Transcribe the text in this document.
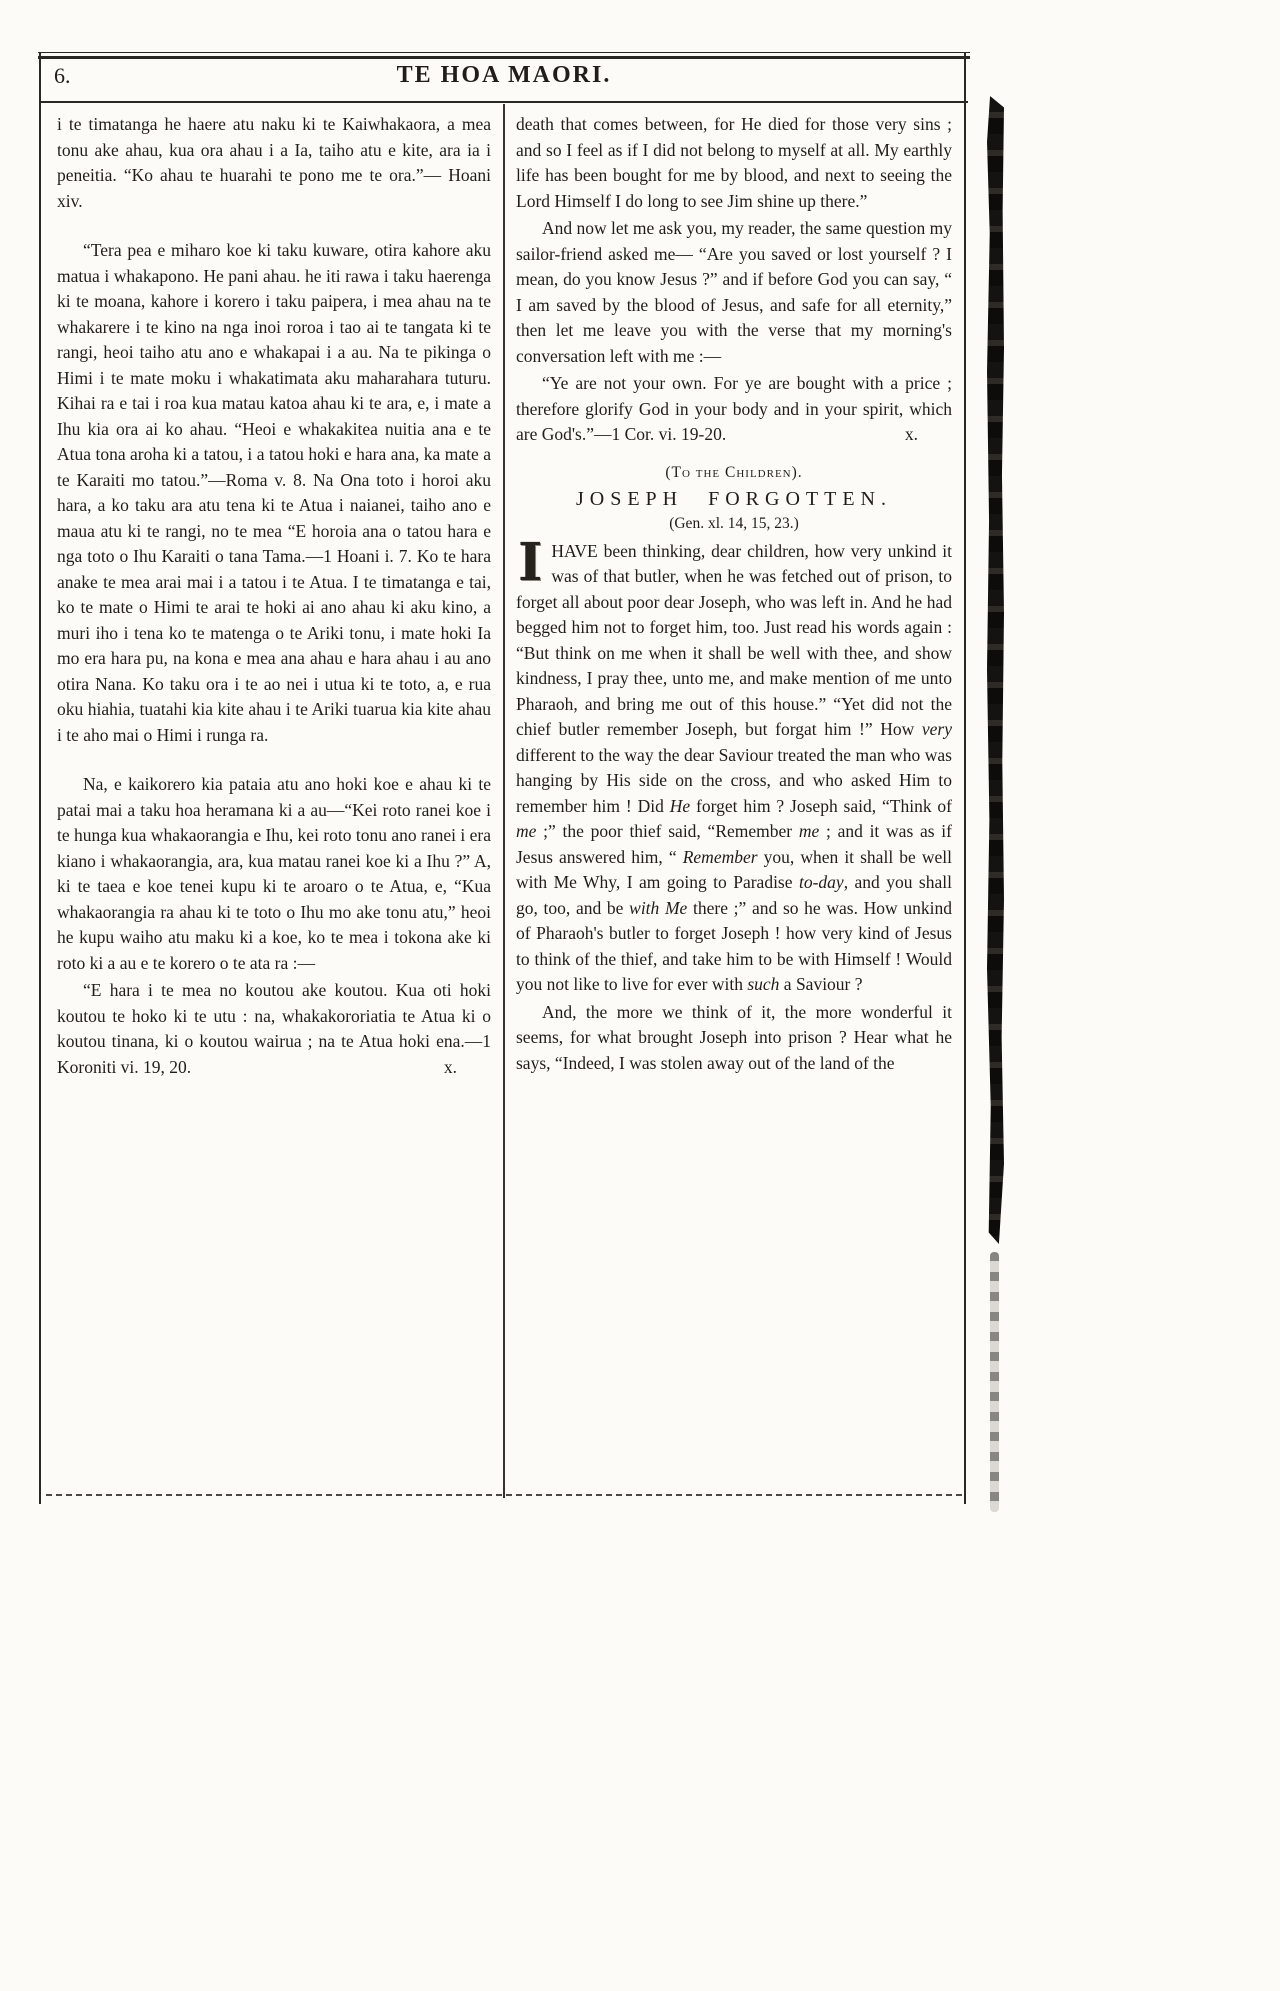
6.	TE HOA MAORI.

i te timatanga he haere atu naku ki te Kaiwhakaora, a mea tonu ake ahau, kua ora ahau i a Ia, taiho atu e kite, ara ia i peneitia. “Ko ahau te huarahi te pono me te ora.”— Hoani xiv.

“Tera pea e miharo koe ki taku kuware, otira kahore aku matua i whakapono. He pani ahau. he iti rawa i taku haerenga ki te moana, kahore i korero i taku paipera, i mea ahau na te whakarere i te kino na nga inoi roroa i tao ai te tangata ki te rangi, heoi taiho atu ano e whakapai i a au. Na te pikinga o Himi i te mate moku i whakatimata aku maharahara tuturu. Kihai ra e tai i roa kua matau katoa ahau ki te ara, e, i mate a Ihu kia ora ai ko ahau. “Heoi e whakakitea nuitia ana e te Atua tona aroha ki a tatou, i a tatou hoki e hara ana, ka mate a te Karaiti mo tatou.”—Roma v. 8. Na Ona toto i horoi aku hara, a ko taku ara atu tena ki te Atua i naianei, taiho ano e maua atu ki te rangi, no te mea “E horoia ana o tatou hara e nga toto o Ihu Karaiti o tana Tama.—1 Hoani i. 7. Ko te hara anake te mea arai mai i a tatou i te Atua. I te timatanga e tai, ko te mate o Himi te arai te hoki ai ano ahau ki aku kino, a muri iho i tena ko te matenga o te Ariki tonu, i mate hoki Ia mo era hara pu, na kona e mea ana ahau e hara ahau i au ano otira Nana. Ko taku ora i te ao nei i utua ki te toto, a, e rua oku hiahia, tuatahi kia kite ahau i te Ariki tuarua kia kite ahau i te aho mai o Himi i runga ra.

Na, e kaikorero kia pataia atu ano hoki koe e ahau ki te patai mai a taku hoa heramana ki a au—“Kei roto ranei koe i te hunga kua whakaorangia e Ihu, kei roto tonu ano ranei i era kiano i whakaorangia, ara, kua matau ranei koe ki a Ihu ?” A, ki te taea e koe tenei kupu ki te aroaro o te Atua, e, “Kua whakaorangia ra ahau ki te toto o Ihu mo ake tonu atu,” heoi he kupu waiho atu maku ki a koe, ko te mea i tokona ake ki roto ki a au e te korero o te ata ra :—

“E hara i te mea no koutou ake koutou. Kua oti hoki koutou te hoko ki te utu : na, whakakororiatia te Atua ki o koutou tinana, ki o koutou wairua ; na te Atua hoki ena.—1 Koroniti vi. 19, 20.	x.

death that comes between, for He died for those very sins ; and so I feel as if I did not belong to myself at all. My earthly life has been bought for me by blood, and next to seeing the Lord Himself I do long to see Jim shine up there.”

And now let me ask you, my reader, the same question my sailor-friend asked me— “Are you saved or lost yourself ? I mean, do you know Jesus ?” and if before God you can say, “ I am saved by the blood of Jesus, and safe for all eternity,” then let me leave you with the verse that my morning's conversation left with me :—

“Ye are not your own. For ye are bought with a price ; therefore glorify God in your body and in your spirit, which are God's.”—1 Cor. vi. 19-20.	x.

(To the Children).
JOSEPH FORGOTTEN.
(Gen. xl. 14, 15, 23.)

IHAVE been thinking, dear children, how very unkind it was of that butler, when he was fetched out of prison, to forget all about poor dear Joseph, who was left in. And he had begged him not to forget him, too. Just read his words again : “But think on me when it shall be well with thee, and show kindness, I pray thee, unto me, and make mention of me unto Pharaoh, and bring me out of this house.” “Yet did not the chief butler remember Joseph, but forgat him !” How very different to the way the dear Saviour treated the man who was hanging by His side on the cross, and who asked Him to remember him ! Did He forget him ? Joseph said, “Think of me ;” the poor thief said, “Remember me ; and it was as if Jesus answered him, “ Remember you, when it shall be well with Me Why, I am going to Paradise to-day, and you shall go, too, and be with Me there ;” and so he was. How unkind of Pharaoh's butler to forget Joseph ! how very kind of Jesus to think of the thief, and take him to be with Himself ! Would you not like to live for ever with such a Saviour ?

And, the more we think of it, the more wonderful it seems, for what brought Joseph into prison ? Hear what he says, “Indeed, I was stolen away out of the land of the
